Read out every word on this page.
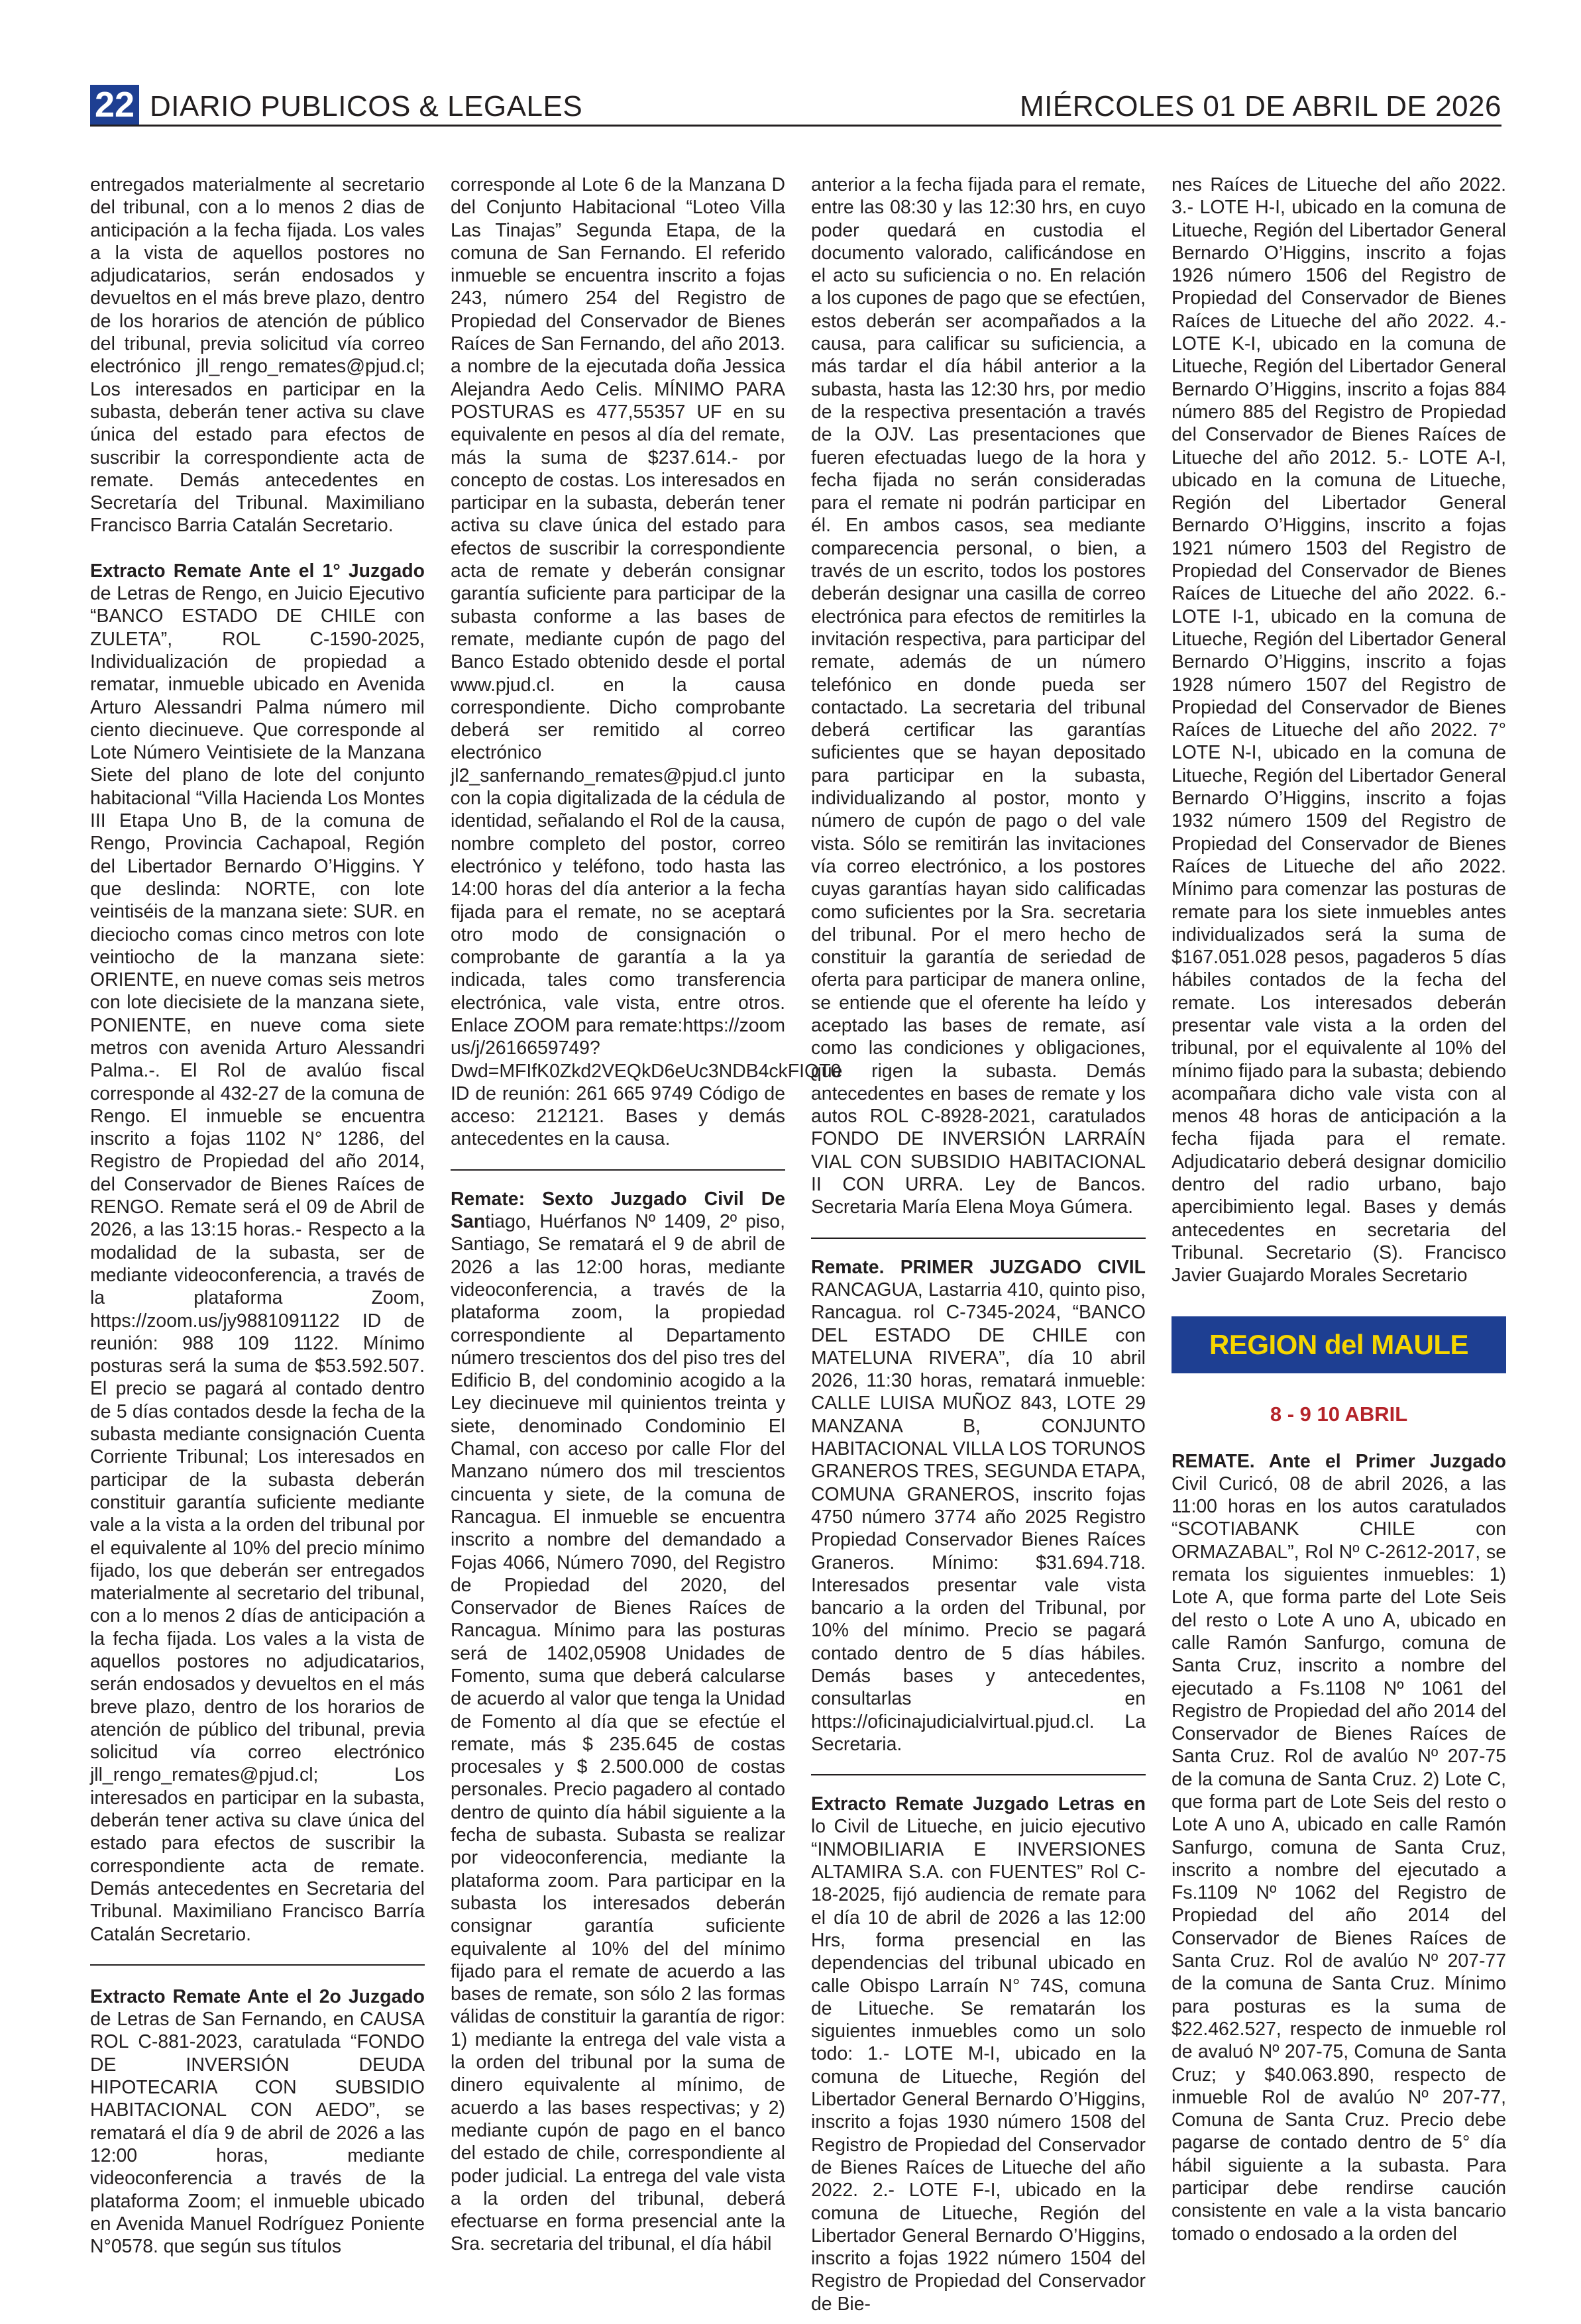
22 DIARIO PUBLICOS & LEGALES	MIÉRCOLES 01 DE ABRIL DE 2026

entregados materialmente al secretario del tribunal, con a lo menos 2 dias de anticipación a la fecha fijada. Los vales a la vista de aquellos postores no adjudicatarios, serán endosados y devueltos en el más breve plazo, dentro de los horarios de atención de público del tribunal, previa solicitud vía correo electrónico jll_rengo_remates@pjud.cl; Los interesados en participar en la subasta, deberán tener activa su clave única del estado para efectos de suscribir la correspondiente acta de remate. Demás antecedentes en Secretaría del Tribunal. Maximiliano Francisco Barria Catalán Secretario.

Extracto Remate Ante el 1° Juzgado de Letras de Rengo, en Juicio Ejecutivo “BANCO ESTADO DE CHILE con ZULETA”, ROL C-1590-2025, Individualización de propiedad a rematar, inmueble ubicado en Avenida Arturo Alessandri Palma número mil ciento diecinueve. Que corresponde al Lote Número Veintisiete de la Manzana Siete del plano de lote del conjunto habitacional “Villa Hacienda Los Montes III Etapa Uno B, de la comuna de Rengo, Provincia Cachapoal, Región del Libertador Bernardo O’Higgins. Y que deslinda: NORTE, con lote veintiséis de la manzana siete: SUR. en dieciocho comas cinco metros con lote veintiocho de la manzana siete: ORIENTE, en nueve comas seis metros con lote diecisiete de la manzana siete, PONIENTE, en nueve coma siete metros con avenida Arturo Alessandri Palma.-. El Rol de avalúo fiscal corresponde al 432-27 de la comuna de Rengo. El inmueble se encuentra inscrito a fojas 1102 N° 1286, del Registro de Propiedad del año 2014, del Conservador de Bienes Raíces de RENGO. Remate será el 09 de Abril de 2026, a las 13:15 horas.- Respecto a la modalidad de la subasta, ser de mediante videoconferencia, a través de la plataforma Zoom, https://zoom.us/jy9881091122 ID de reunión: 988 109 1122. Mínimo posturas será la suma de $53.592.507. El precio se pagará al contado dentro de 5 días contados desde la fecha de la subasta mediante consignación Cuenta Corriente Tribunal; Los interesados en participar de la subasta deberán constituir garantía suficiente mediante vale a la vista a la orden del tribunal por el equivalente al 10% del precio mínimo fijado, los que deberán ser entregados materialmente al secretario del tribunal, con a lo menos 2 días de anticipación a la fecha fijada. Los vales a la vista de aquellos postores no adjudicatarios, serán endosados y devueltos en el más breve plazo, dentro de los horarios de atención de público del tribunal, previa solicitud vía correo electrónico jll_rengo_remates@pjud.cl; Los interesados en participar en la subasta, deberán tener activa su clave única del estado para efectos de suscribir la correspondiente acta de remate. Demás antecedentes en Secretaria del Tribunal. Maximiliano Francisco Barría Catalán Secretario.

Extracto Remate Ante el 2o Juzgado de Letras de San Fernando, en CAUSA ROL C-881-2023, caratulada “FONDO DE INVERSIÓN DEUDA HIPOTECARIA CON SUBSIDIO HABITACIONAL CON AEDO”, se rematará el día 9 de abril de 2026 a las 12:00 horas, mediante videoconferencia a través de la plataforma Zoom; el inmueble ubicado en Avenida Manuel Rodríguez Poniente N°0578. que según sus títulos

corresponde al Lote 6 de la Manzana D del Conjunto Habitacional “Loteo Villa Las Tinajas” Segunda Etapa, de la comuna de San Fernando. El referido inmueble se encuentra inscrito a fojas 243, número 254 del Registro de Propiedad del Conservador de Bienes Raíces de San Fernando, del año 2013. a nombre de la ejecutada doña Jessica Alejandra Aedo Celis. MÍNIMO PARA POSTURAS es 477,55357 UF en su equivalente en pesos al día del remate, más la suma de $237.614.- por concepto de costas. Los interesados en participar en la subasta, deberán tener activa su clave única del estado para efectos de suscribir la correspondiente acta de remate y deberán consignar garantía suficiente para participar de la subasta conforme a las bases de remate, mediante cupón de pago del Banco Estado obtenido desde el portal www.pjud.cl. en la causa correspondiente. Dicho comprobante deberá ser remitido al correo electrónico jl2_sanfernando_remates@pjud.cl junto con la copia digitalizada de la cédula de identidad, señalando el Rol de la causa, nombre completo del postor, correo electrónico y teléfono, todo hasta las 14:00 horas del día anterior a la fecha fijada para el remate, no se aceptará otro modo de consignación o comprobante de garantía a la ya indicada, tales como transferencia electrónica, vale vista, entre otros. Enlace ZOOM para remate:https://zoom us/j/2616659749?Dwd=MFIfK0Zkd2VEQkD6eUc3NDB4ckFIQT0 ID de reunión: 261 665 9749 Código de acceso: 212121. Bases y demás antecedentes en la causa.

Remate: Sexto Juzgado Civil De Santiago, Huérfanos Nº 1409, 2º piso, Santiago, Se rematará el 9 de abril de 2026 a las 12:00 horas, mediante videoconferencia, a través de la plataforma zoom, la propiedad correspondiente al Departamento número trescientos dos del piso tres del Edificio B, del condominio acogido a la Ley diecinueve mil quinientos treinta y siete, denominado Condominio El Chamal, con acceso por calle Flor del Manzano número dos mil trescientos cincuenta y siete, de la comuna de Rancagua. El inmueble se encuentra inscrito a nombre del demandado a Fojas 4066, Número 7090, del Registro de Propiedad del 2020, del Conservador de Bienes Raíces de Rancagua. Mínimo para las posturas será de 1402,05908 Unidades de Fomento, suma que deberá calcularse de acuerdo al valor que tenga la Unidad de Fomento al día que se efectúe el remate, más $ 235.645 de costas procesales y $ 2.500.000 de costas personales. Precio pagadero al contado dentro de quinto día hábil siguiente a la fecha de subasta. Subasta se realizar por videoconferencia, mediante la plataforma zoom. Para participar en la subasta los interesados deberán consignar garantía suficiente equivalente al 10% del del mínimo fijado para el remate de acuerdo a las bases de remate, son sólo 2 las formas válidas de constituir la garantía de rigor: 1) mediante la entrega del vale vista a la orden del tribunal por la suma de dinero equivalente al mínimo, de acuerdo a las bases respectivas; y 2) mediante cupón de pago en el banco del estado de chile, correspondiente al poder judicial. La entrega del vale vista a la orden del tribunal, deberá efectuarse en forma presencial ante la Sra. secretaria del tribunal, el día hábil

anterior a la fecha fijada para el remate, entre las 08:30 y las 12:30 hrs, en cuyo poder quedará en custodia el documento valorado, calificándose en el acto su suficiencia o no. En relación a los cupones de pago que se efectúen, estos deberán ser acompañados a la causa, para calificar su suficiencia, a más tardar el día hábil anterior a la subasta, hasta las 12:30 hrs, por medio de la respectiva presentación a través de la OJV. Las presentaciones que fueren efectuadas luego de la hora y fecha fijada no serán consideradas para el remate ni podrán participar en él. En ambos casos, sea mediante comparecencia personal, o bien, a través de un escrito, todos los postores deberán designar una casilla de correo electrónica para efectos de remitirles la invitación respectiva, para participar del remate, además de un número telefónico en donde pueda ser contactado. La secretaria del tribunal deberá certificar las garantías suficientes que se hayan depositado para participar en la subasta, individualizando al postor, monto y número de cupón de pago o del vale vista. Sólo se remitirán las invitaciones vía correo electrónico, a los postores cuyas garantías hayan sido calificadas como suficientes por la Sra. secretaria del tribunal. Por el mero hecho de constituir la garantía de seriedad de oferta para participar de manera online, se entiende que el oferente ha leído y aceptado las bases de remate, así como las condiciones y obligaciones, que rigen la subasta. Demás antecedentes en bases de remate y los autos ROL C-8928-2021, caratulados FONDO DE INVERSIÓN LARRAÍN VIAL CON SUBSIDIO HABITACIONAL II CON URRA. Ley de Bancos. Secretaria María Elena Moya Gúmera.

Remate. PRIMER JUZGADO CIVIL RANCAGUA, Lastarria 410, quinto piso, Rancagua. rol C-7345-2024, “BANCO DEL ESTADO DE CHILE con MATELUNA RIVERA”, día 10 abril 2026, 11:30 horas, rematará inmueble: CALLE LUISA MUÑOZ 843, LOTE 29 MANZANA B, CONJUNTO HABITACIONAL VILLA LOS TORUNOS GRANEROS TRES, SEGUNDA ETAPA, COMUNA GRANEROS, inscrito fojas 4750 número 3774 año 2025 Registro Propiedad Conservador Bienes Raíces Graneros. Mínimo: $31.694.718. Interesados presentar vale vista bancario a la orden del Tribunal, por 10% del mínimo. Precio se pagará contado dentro de 5 días hábiles. Demás bases y antecedentes, consultarlas en https://oficinajudicialvirtual.pjud.cl. La Secretaria.

Extracto Remate Juzgado Letras en lo Civil de Litueche, en juicio ejecutivo “INMOBILIARIA E INVERSIONES ALTAMIRA S.A. con FUENTES” Rol C-18-2025, fijó audiencia de remate para el día 10 de abril de 2026 a las 12:00 Hrs, forma presencial en las dependencias del tribunal ubicado en calle Obispo Larraín N° 74S, comuna de Litueche. Se rematarán los siguientes inmuebles como un solo todo: 1.- LOTE M-I, ubicado en la comuna de Litueche, Región del Libertador General Bernardo O’Higgins, inscrito a fojas 1930 número 1508 del Registro de Propiedad del Conservador de Bienes Raíces de Litueche del año 2022. 2.- LOTE F-I, ubicado en la comuna de Litueche, Región del Libertador General Bernardo O’Higgins, inscrito a fojas 1922 número 1504 del Registro de Propiedad del Conservador de Bie-

nes Raíces de Litueche del año 2022. 3.- LOTE H-I, ubicado en la comuna de Litueche, Región del Libertador General Bernardo O’Higgins, inscrito a fojas 1926 número 1506 del Registro de Propiedad del Conservador de Bienes Raíces de Litueche del año 2022. 4.- LOTE K-I, ubicado en la comuna de Litueche, Región del Libertador General Bernardo O’Higgins, inscrito a fojas 884 número 885 del Registro de Propiedad del Conservador de Bienes Raíces de Litueche del año 2012. 5.- LOTE A-I, ubicado en la comuna de Litueche, Región del Libertador General Bernardo O’Higgins, inscrito a fojas 1921 número 1503 del Registro de Propiedad del Conservador de Bienes Raíces de Litueche del año 2022. 6.- LOTE I-1, ubicado en la comuna de Litueche, Región del Libertador General Bernardo O’Higgins, inscrito a fojas 1928 número 1507 del Registro de Propiedad del Conservador de Bienes Raíces de Litueche del año 2022. 7° LOTE N-I, ubicado en la comuna de Litueche, Región del Libertador General Bernardo O’Higgins, inscrito a fojas 1932 número 1509 del Registro de Propiedad del Conservador de Bienes Raíces de Litueche del año 2022. Mínimo para comenzar las posturas de remate para los siete inmuebles antes individualizados será la suma de $167.051.028 pesos, pagaderos 5 días hábiles contados de la fecha del remate. Los interesados deberán presentar vale vista a la orden del tribunal, por el equivalente al 10% del mínimo fijado para la subasta; debiendo acompañara dicho vale vista con al menos 48 horas de anticipación a la fecha fijada para el remate. Adjudicatario deberá designar domicilio dentro del radio urbano, bajo apercibimiento legal. Bases y demás antecedentes en secretaria del Tribunal. Secretario (S). Francisco Javier Guajardo Morales Secretario

REGION del MAULE
8 - 9 10 ABRIL

REMATE. Ante el Primer Juzgado Civil Curicó, 08 de abril 2026, a las 11:00 horas en los autos caratulados “SCOTIABANK CHILE con ORMAZABAL”, Rol Nº C-2612-2017, se remata los siguientes inmuebles: 1) Lote A, que forma parte del Lote Seis del resto o Lote A uno A, ubicado en calle Ramón Sanfurgo, comuna de Santa Cruz, inscrito a nombre del ejecutado a Fs.1108 Nº 1061 del Registro de Propiedad del año 2014 del Conservador de Bienes Raíces de Santa Cruz. Rol de avalúo Nº 207-75 de la comuna de Santa Cruz. 2) Lote C, que forma part de Lote Seis del resto o Lote A uno A, ubicado en calle Ramón Sanfurgo, comuna de Santa Cruz, inscrito a nombre del ejecutado a Fs.1109 Nº 1062 del Registro de Propiedad del año 2014 del Conservador de Bienes Raíces de Santa Cruz. Rol de avalúo Nº 207-77 de la comuna de Santa Cruz. Mínimo para posturas es la suma de $22.462.527, respecto de inmueble rol de avaluó Nº 207-75, Comuna de Santa Cruz; y $40.063.890, respecto de inmueble Rol de avalúo Nº 207-77, Comuna de Santa Cruz. Precio debe pagarse de contado dentro de 5° día hábil siguiente a la subasta. Para participar debe rendirse caución consistente en vale a la vista bancario tomado o endosado a la orden del
